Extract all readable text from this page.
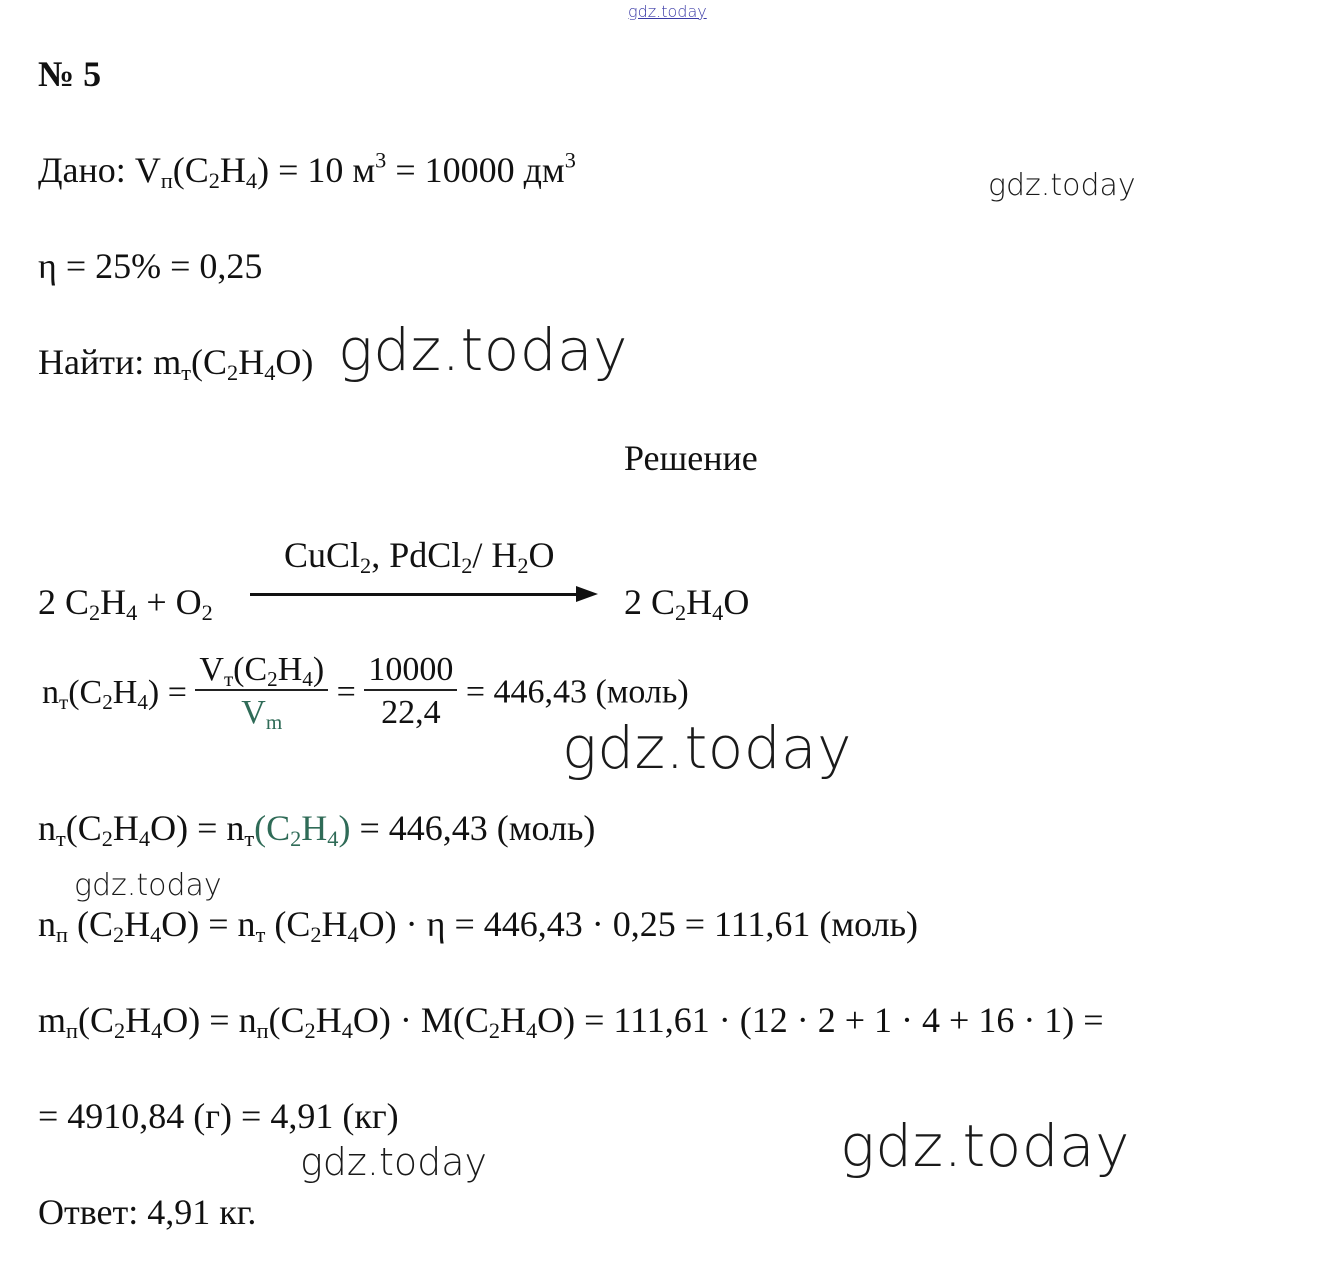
gdz.today
№ 5
Дано: $V_п(C_2H_4) = 10$ $м^3 = 10000$ $дм^3$
gdz.today
η = 25% = 0,25
Найти: $m_т(C_2H_4O)$ gdz.today
Решение
2 $C_2H_4 + O_2$
CuCl$_2$, PdCl$_2$/ $H_2O$
2 $C_2H_4O$
$n_т(C_2H_4) = \frac{V_т(C_2H_4)}{V_m} = \frac{10000}{22,4} = 446,43$ (моль)
gdz.today
$n_т(C_2H_4O) = n_т(C_2H_4) = 446,43$ (моль)
gdz.today
$n_п$ $(C_2H_4O) = n_т$ $(C_2H_4O) \cdot \eta = 446,43 \cdot 0,25 = 111,61$ (моль)
$m_п(C_2H_4O) = n_п(C_2H_4O) \cdot M(C_2H_4O) = 111,61 \cdot (12 \cdot 2 + 1 \cdot 4 + 16 \cdot 1)$ =
= 4910,84 (г) = 4,91 (кг)	gdz.today
gdz.today
Ответ: 4,91 кг.
